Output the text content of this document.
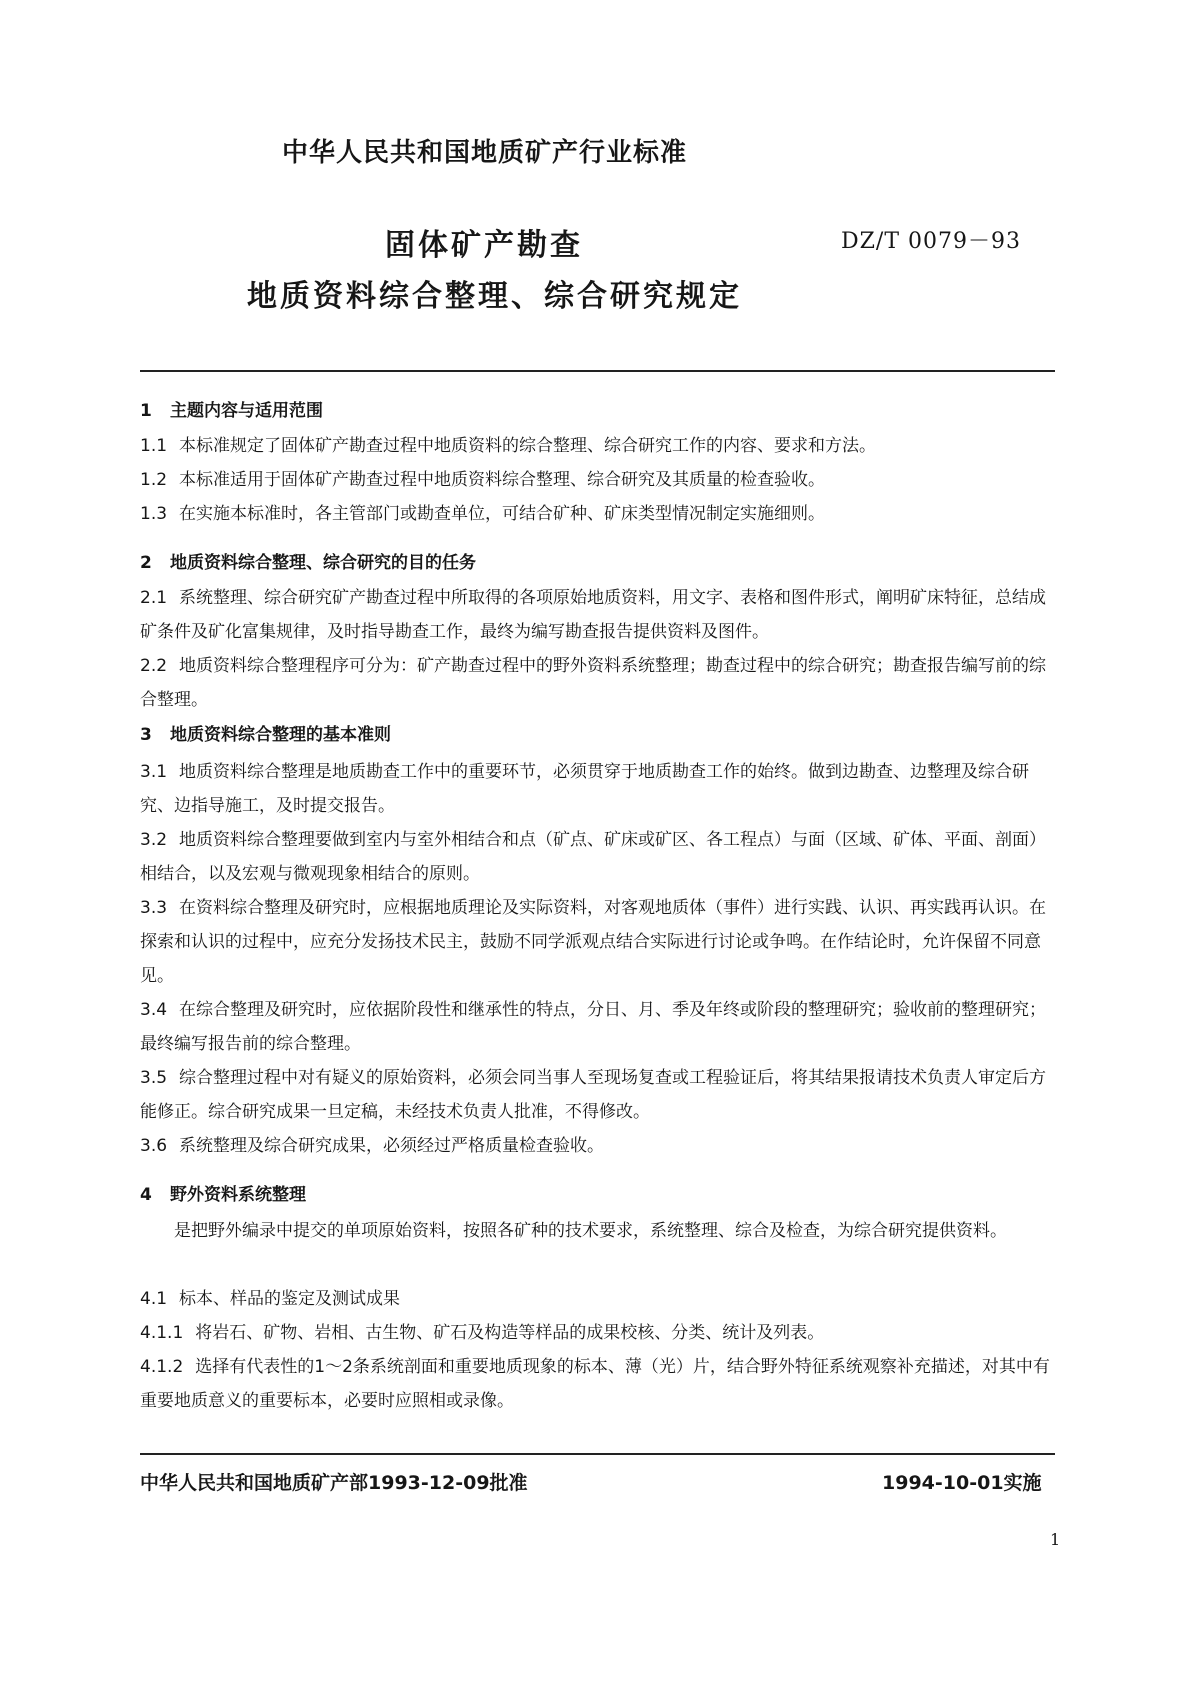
中华人民共和国地质矿产行业标准
固体矿产勘查
地质资料综合整理、综合研究规定
DZ/T 0079－93
1 主题内容与适用范围
1.1 本标准规定了固体矿产勘查过程中地质资料的综合整理、综合研究工作的内容、要求和方法。
1.2 本标准适用于固体矿产勘查过程中地质资料综合整理、综合研究及其质量的检查验收。
1.3 在实施本标准时，各主管部门或勘查单位，可结合矿种、矿床类型情况制定实施细则。
2 地质资料综合整理、综合研究的目的任务
2.1 系统整理、综合研究矿产勘查过程中所取得的各项原始地质资料，用文字、表格和图件形式，阐明矿床特征，总结成矿条件及矿化富集规律，及时指导勘查工作，最终为编写勘查报告提供资料及图件。
2.2 地质资料综合整理程序可分为：矿产勘查过程中的野外资料系统整理；勘查过程中的综合研究；勘查报告编写前的综合整理。
3 地质资料综合整理的基本准则
3.1 地质资料综合整理是地质勘查工作中的重要环节，必须贯穿于地质勘查工作的始终。做到边勘查、边整理及综合研究、边指导施工，及时提交报告。
3.2 地质资料综合整理要做到室内与室外相结合和点（矿点、矿床或矿区、各工程点）与面（区域、矿体、平面、剖面）相结合，以及宏观与微观现象相结合的原则。
3.3 在资料综合整理及研究时，应根据地质理论及实际资料，对客观地质体（事件）进行实践、认识、再实践再认识。在探索和认识的过程中，应充分发扬技术民主，鼓励不同学派观点结合实际进行讨论或争鸣。在作结论时，允许保留不同意见。
3.4 在综合整理及研究时，应依据阶段性和继承性的特点，分日、月、季及年终或阶段的整理研究；验收前的整理研究；最终编写报告前的综合整理。
3.5 综合整理过程中对有疑义的原始资料，必须会同当事人至现场复查或工程验证后，将其结果报请技术负责人审定后方能修正。综合研究成果一旦定稿，未经技术负责人批准，不得修改。
3.6 系统整理及综合研究成果，必须经过严格质量检查验收。
4 野外资料系统整理
是把野外编录中提交的单项原始资料，按照各矿种的技术要求，系统整理、综合及检查，为综合研究提供资料。
4.1 标本、样品的鉴定及测试成果
4.1.1 将岩石、矿物、岩相、古生物、矿石及构造等样品的成果校核、分类、统计及列表。
4.1.2 选择有代表性的1～2条系统剖面和重要地质现象的标本、薄（光）片，结合野外特征系统观察补充描述，对其中有重要地质意义的重要标本，必要时应照相或录像。
中华人民共和国地质矿产部1993-12-09批准	1994-10-01实施
1
